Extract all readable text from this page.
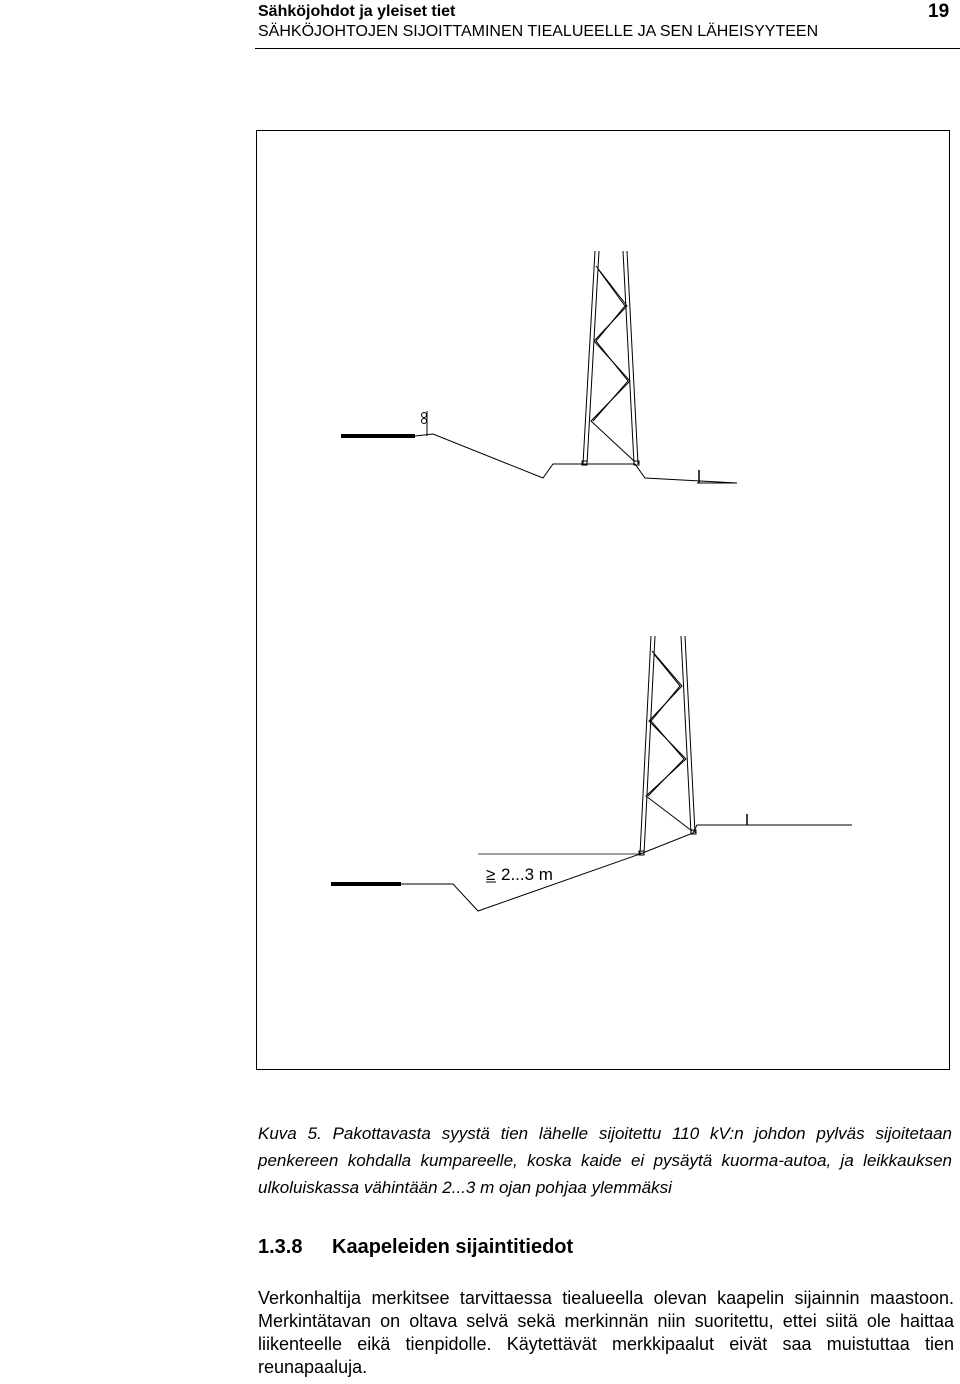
Sähköjohdot ja yleiset tiet
SÄHKÖJOHTOJEN SIJOITTAMINEN TIEALUEELLE JA SEN LÄHEISYYTEEN
19
≥ 2...3 m

Kuva 5. Pakottavasta syystä tien lähelle sijoitettu 110 kV:n johdon pylväs sijoitetaan penkereen kohdalla kumpareelle, koska kaide ei pysäytä kuorma-autoa, ja leikkauksen ulkoluiskassa vähintään 2...3 m ojan pohjaa ylemmäksi

1.3.8 Kaapeleiden sijaintitiedot

Verkonhaltija merkitsee tarvittaessa tiealueella olevan kaapelin sijainnin maastoon. Merkintätavan on oltava selvä sekä merkinnän niin suoritettu, ettei siitä ole haittaa liikenteelle eikä tienpidolle. Käytettävät merkkipaalut eivät saa muistuttaa tien reunapaaluja.
